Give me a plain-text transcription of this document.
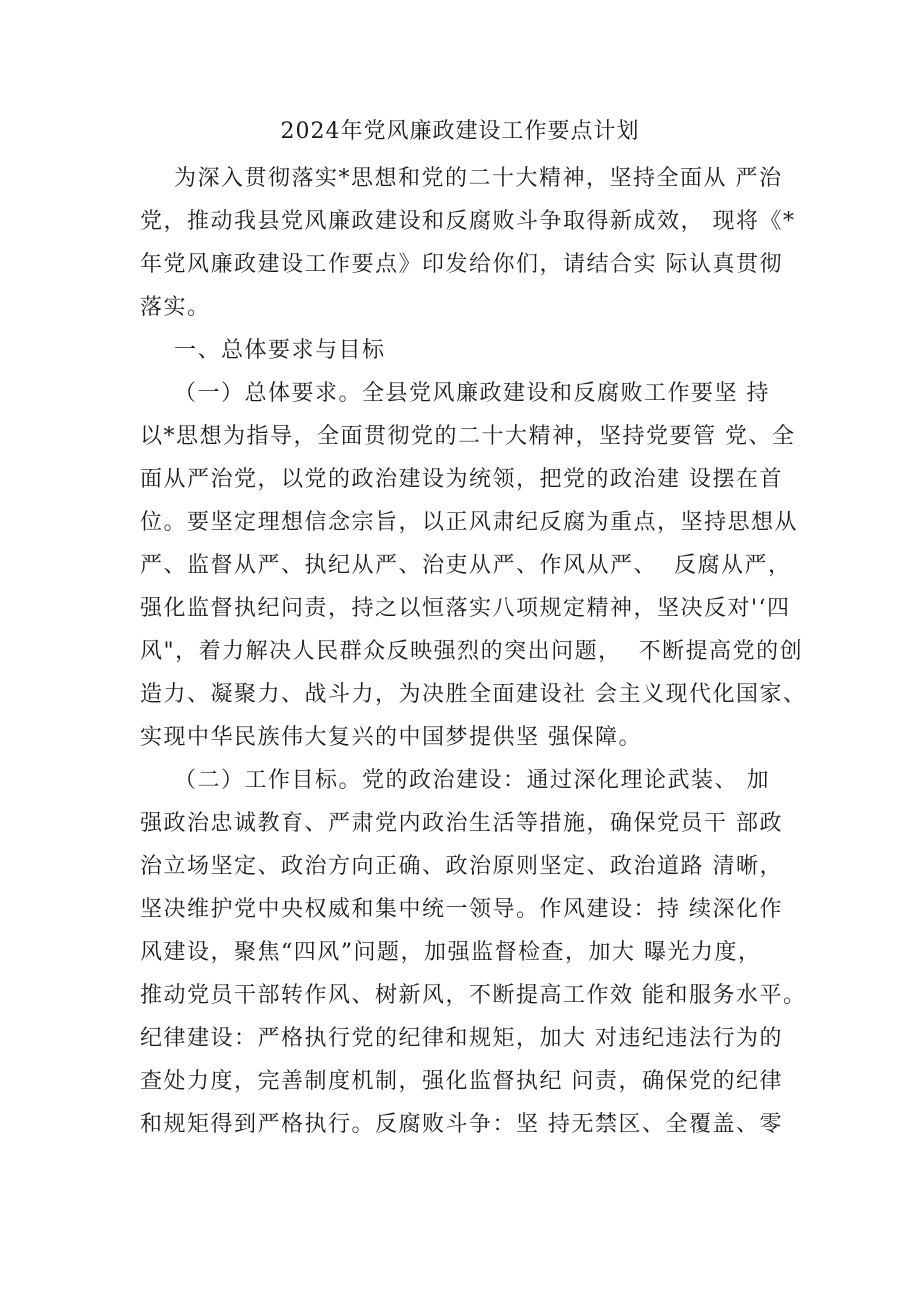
2024年党风廉政建设工作要点计划
为深入贯彻落实*思想和党的二十大精神，坚持全面从 严治
党，推动我县党风廉政建设和反腐败斗争取得新成效， 现将《*
年党风廉政建设工作要点》印发给你们，请结合实 际认真贯彻
落实。
一、总体要求与目标
（一）总体要求。全县党风廉政建设和反腐败工作要坚 持
以*思想为指导，全面贯彻党的二十大精神，坚持党要管 党、全
面从严治党，以党的政治建设为统领，把党的政治建 设摆在首
位。要坚定理想信念宗旨，以正风肃纪反腐为重点，坚持思想从
严、监督从严、执纪从严、治吏从严、作风从严、  反腐从严，
强化监督执纪问责，持之以恒落实八项规定精神，坚决反对'‘四
风"，着力解决人民群众反映强烈的突出问题，  不断提高党的创
造力、凝聚力、战斗力，为决胜全面建设社 会主义现代化国家、
实现中华民族伟大复兴的中国梦提供坚 强保障。
（二）工作目标。党的政治建设：通过深化理论武装、 加
强政治忠诚教育、严肃党内政治生活等措施，确保党员干 部政
治立场坚定、政治方向正确、政治原则坚定、政治道路 清晰，
坚决维护党中央权威和集中统一领导。作风建设：持 续深化作
风建设，聚焦“四风”问题，加强监督检查，加大 曝光力度，
推动党员干部转作风、树新风，不断提高工作效 能和服务水平。
纪律建设：严格执行党的纪律和规矩，加大 对违纪违法行为的
查处力度，完善制度机制，强化监督执纪 问责，确保党的纪律
和规矩得到严格执行。反腐败斗争：坚 持无禁区、全覆盖、零
